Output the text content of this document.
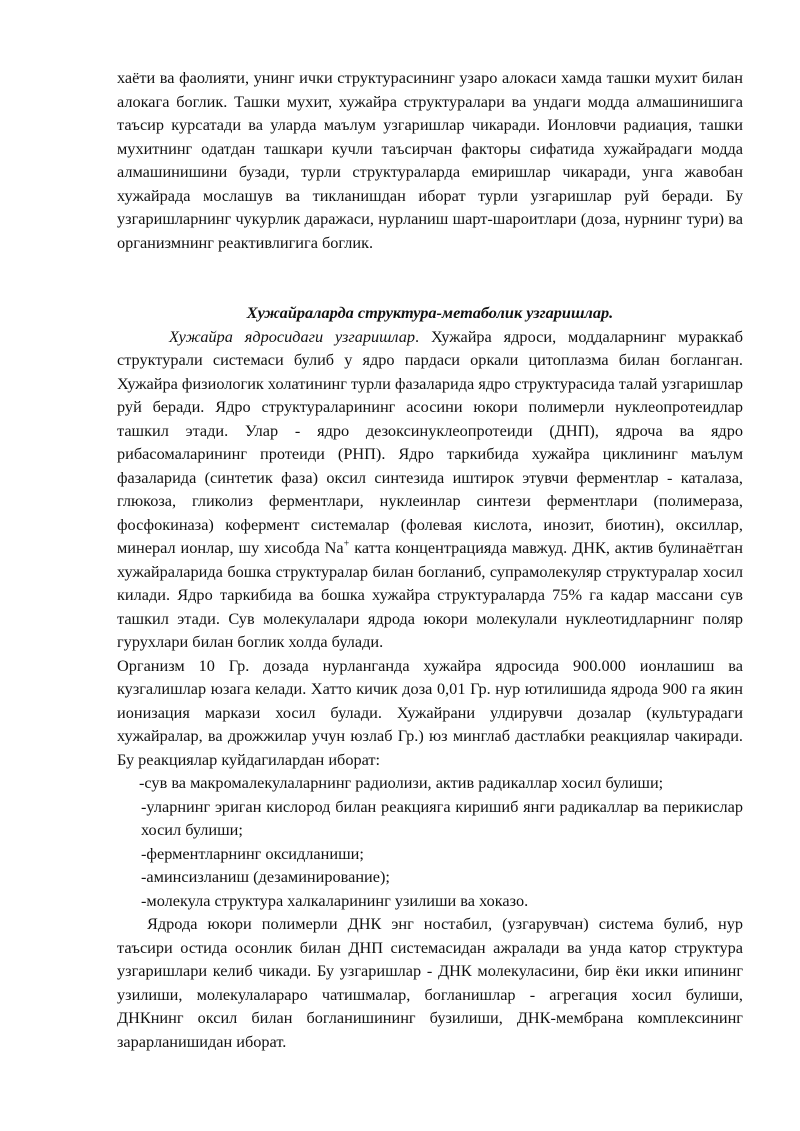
хаёти ва фаолияти, унинг ички структурасининг узаро алокаси хамда ташки мухит билан алокага боглик. Ташки мухит, хужайра структуралари ва ундаги модда алмашинишига таъсир курсатади ва уларда маълум узгаришлар чикаради. Ионловчи радиация, ташки мухитнинг одатдан ташкари кучли таъсирчан факторы сифатида хужайрадаги модда алмашинишини бузади, турли структураларда емиришлар чикаради, унга жавобан хужайрада мослашув ва тикланишдан иборат турли узгаришлар руй беради. Бу узгаришларнинг чукурлик даражаси, нурланиш шарт-шароитлари (доза, нурнинг тури) ва организмнинг реактивлигига боглик.

Хужайраларда структура-метаболик узгаришлар.

Хужайра ядросидаги узгаришлар. Хужайра ядроси, моддаларнинг мураккаб структурали системаси булиб у ядро пардаси оркали цитоплазма билан богланган. Хужайра физиологик холатининг турли фазаларида ядро структурасида талай узгаришлар руй беради. Ядро структураларининг асосини юкори полимерли нуклеопротеидлар ташкил этади. Улар - ядро дезоксинуклеопротеиди (ДНП), ядроча ва ядро рибасомаларининг протеиди (РНП). Ядро таркибида хужайра циклининг маълум фазаларида (синтетик фаза) оксил синтезида иштирок этувчи ферментлар - каталаза, глюкоза, гликолиз ферментлари, нуклеинлар синтези ферментлари (полимераза, фосфокиназа) кофермент системалар (фолевая кислота, инозит, биотин), оксиллар, минерал ионлар, шу хисобда Na+ катта концентрацияда мавжуд. ДНК, актив булинаётган хужайраларида бошка структуралар билан богланиб, супрамолекуляр структуралар хосил килади. Ядро таркибида ва бошка хужайра структураларда 75% га кадар массани сув ташкил этади. Сув молекулалари ядрода юкори молекулали нуклеотидларнинг поляр гурухлари билан боглик холда булади.

Организм 10 Гр. дозада нурланганда хужайра ядросида 900.000 ионлашиш ва кузгалишлар юзага келади. Хатто кичик доза 0,01 Гр. нур ютилишида ядрода 900 га якин ионизация маркази хосил булади. Хужайрани улдирувчи дозалар (культурадаги хужайралар, ва дрожжилар учун юзлаб Гр.) юз минглаб дастлабки реакциялар чакиради. Бу реакциялар куйдагилардан иборат:

-сув ва макромалекулаларнинг радиолизи, актив радикаллар хосил булиши;
-уларнинг эриган кислород билан реакцияга киришиб янги радикаллар ва перикислар хосил булиши;
-ферментларнинг оксидланиши;
-аминсизланиш (дезаминирование);
-молекула структура халкаларининг узилиши ва хоказо.

Ядрода юкори полимерли ДНК энг ностабил, (узгарувчан) система булиб, нур таъсири остида осонлик билан ДНП системасидан ажралади ва унда катор структура узгаришлари келиб чикади. Бу узгаришлар - ДНК молекуласини, бир ёки икки ипининг узилиши, молекулалараро чатишмалар, богланишлар - агрегация хосил булиши, ДНКнинг оксил билан богланишининг бузилиши, ДНК-мембрана комплексининг зарарланишидан иборат.
